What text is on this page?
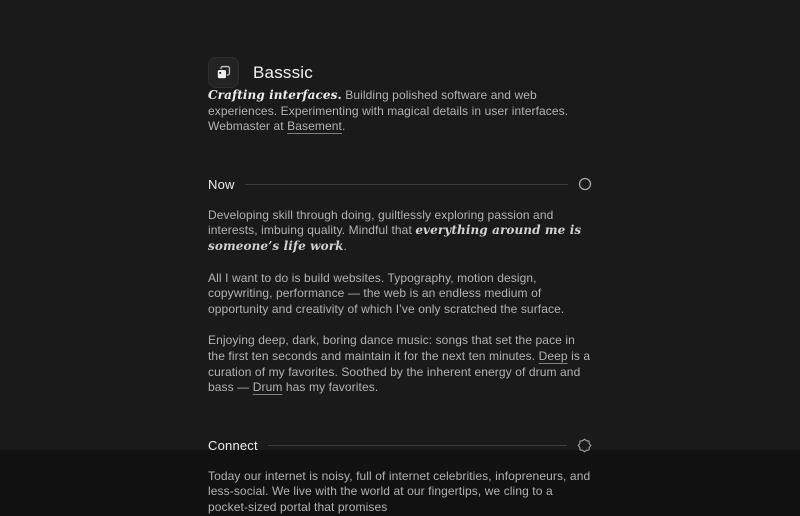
Basssic

Crafting interfaces. Building polished software and web experiences. Experimenting with magical details in user interfaces. Webmaster at Basement.

Now

Developing skill through doing, guiltlessly exploring passion and interests, imbuing quality. Mindful that everything around me is someone’s life work.

All I want to do is build websites. Typography, motion design, copywriting, performance — the web is an endless medium of opportunity and creativity of which I’ve only scratched the surface.

Enjoying deep, dark, boring dance music: songs that set the pace in the first ten seconds and maintain it for the next ten minutes. Deep is a curation of my favorites. Soothed by the inherent energy of drum and bass — Drum has my favorites.

Connect

Today our internet is noisy, full of internet celebrities, infopreneurs, and less-social. We live with the world at our fingertips, we cling to a pocket-sized portal that promises
